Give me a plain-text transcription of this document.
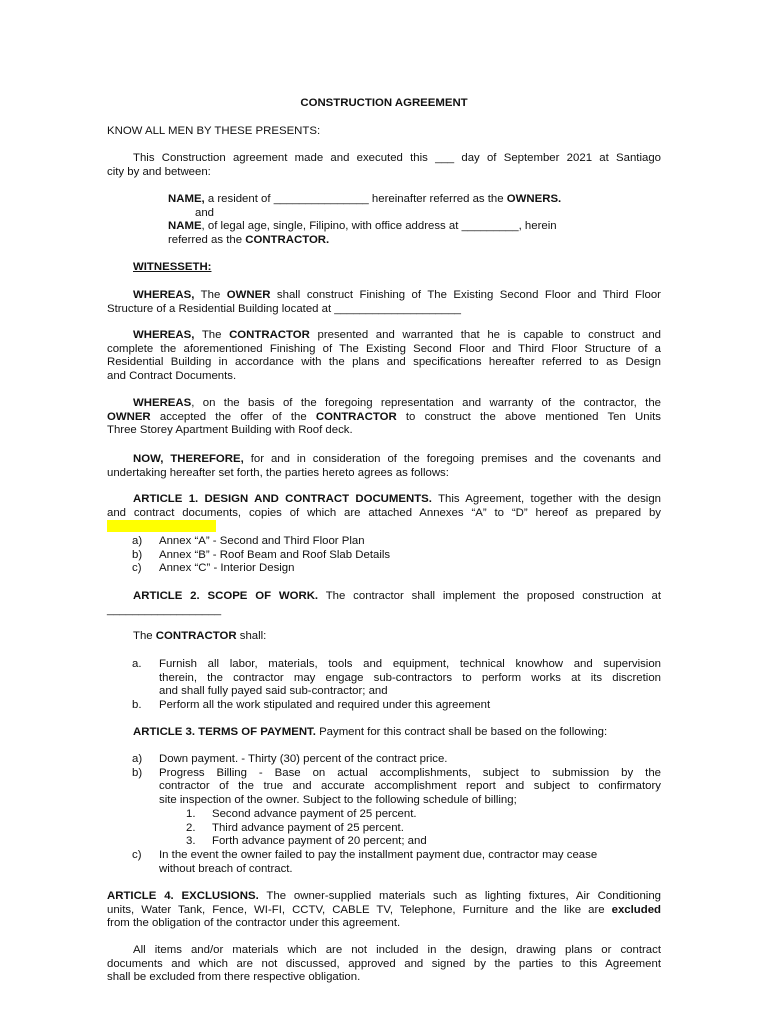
CONSTRUCTION AGREEMENT

KNOW ALL MEN BY THESE PRESENTS:

This Construction agreement made and executed this ___ day of September 2021 at Santiago
city by and between:

NAME, a resident of _______________ hereinafter referred as the OWNERS.
and
NAME, of legal age, single, Filipino, with office address at _________, herein
referred as the CONTRACTOR.

WITNESSETH:

WHEREAS, The OWNER shall construct Finishing of The Existing Second Floor and Third Floor
Structure of a Residential Building located at ____________________

WHEREAS, The CONTRACTOR presented and warranted that he is capable to construct and
complete the aforementioned Finishing of The Existing Second Floor and Third Floor Structure of a
Residential Building in accordance with the plans and specifications hereafter referred to as Design
and Contract Documents.

WHEREAS, on the basis of the foregoing representation and warranty of the contractor, the
OWNER accepted the offer of the CONTRACTOR to construct the above mentioned Ten Units
Three Storey Apartment Building with Roof deck.

NOW, THEREFORE, for and in consideration of the foregoing premises and the covenants and
undertaking hereafter set forth, the parties hereto agrees as follows:

ARTICLE 1. DESIGN AND CONTRACT DOCUMENTS. This Agreement, together with the design
and contract documents, copies of which are attached Annexes “A” to “D” hereof as prepared by

a) Annex “A” - Second and Third Floor Plan
b) Annex “B” - Roof Beam and Roof Slab Details
c) Annex “C” - Interior Design

ARTICLE 2. SCOPE OF WORK. The contractor shall implement the proposed construction at
__________________

The CONTRACTOR shall:

a. Furnish all labor, materials, tools and equipment, technical knowhow and supervision
therein, the contractor may engage sub-contractors to perform works at its discretion
and shall fully payed said sub-contractor; and
b. Perform all the work stipulated and required under this agreement

ARTICLE 3. TERMS OF PAYMENT. Payment for this contract shall be based on the following:

a) Down payment. - Thirty (30) percent of the contract price.
b) Progress Billing - Base on actual accomplishments, subject to submission by the
contractor of the true and accurate accomplishment report and subject to confirmatory
site inspection of the owner. Subject to the following schedule of billing;
1. Second advance payment of 25 percent.
2. Third advance payment of 25 percent.
3. Forth advance payment of 20 percent; and
c) In the event the owner failed to pay the installment payment due, contractor may cease
without breach of contract.

ARTICLE 4. EXCLUSIONS. The owner-supplied materials such as lighting fixtures, Air Conditioning
units, Water Tank, Fence, WI-FI, CCTV, CABLE TV, Telephone, Furniture and the like are excluded
from the obligation of the contractor under this agreement.

All items and/or materials which are not included in the design, drawing plans or contract
documents and which are not discussed, approved and signed by the parties to this Agreement
shall be excluded from there respective obligation.
